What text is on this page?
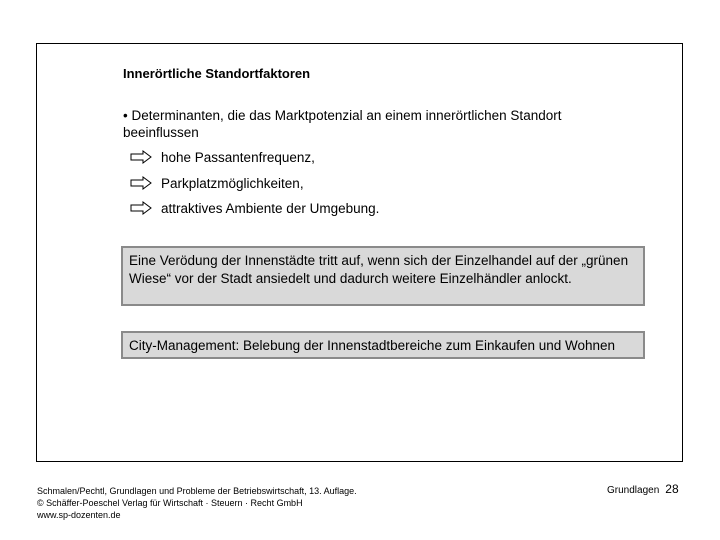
Innerörtliche Standortfaktoren
• Determinanten, die das Marktpotenzial an einem innerörtlichen Standort beeinflussen
hohe Passantenfrequenz,
Parkplatzmöglichkeiten,
attraktives Ambiente der Umgebung.
Eine Verödung der Innenstädte tritt auf, wenn sich der Einzelhandel auf der „grünen Wiese“ vor der Stadt ansiedelt und dadurch weitere Einzelhändler anlockt.
City-Management: Belebung der Innenstadtbereiche zum Einkaufen und Wohnen
Schmalen/Pechtl, Grundlagen und Probleme der Betriebswirtschaft, 13. Auflage.
© Schäffer-Poeschel Verlag für Wirtschaft · Steuern · Recht GmbH
www.sp-dozenten.de
Grundlagen 28
